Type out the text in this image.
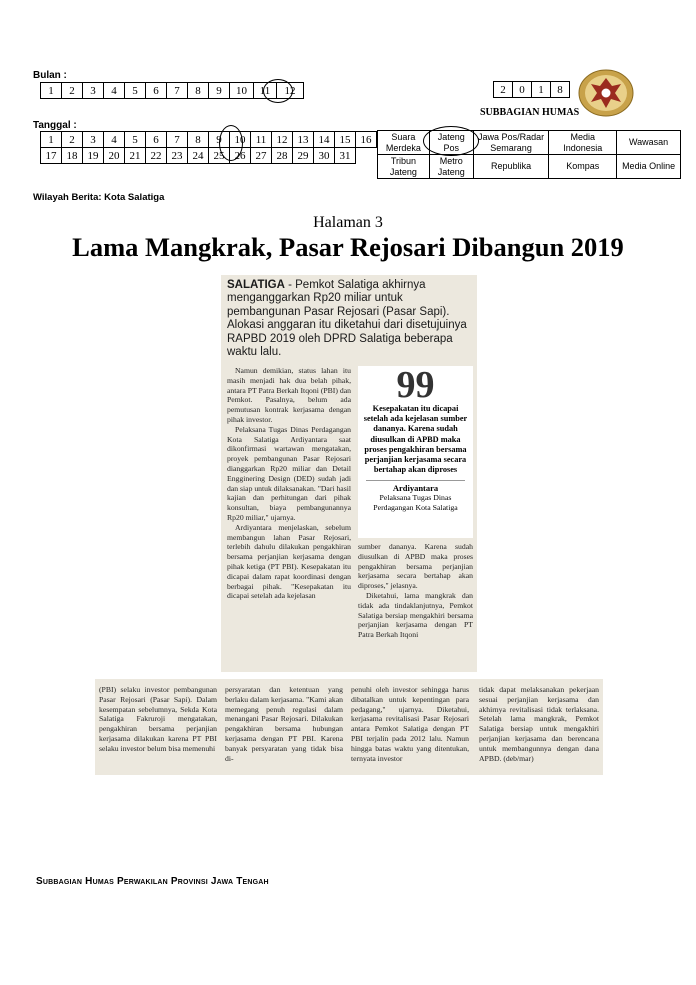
Bulan :
1	2	3	4	5	6	7	8	9	10	11	12
Tanggal :
1	2	3	4	5	6	7	8	9	10	11	12	13	14	15	16
17	18	19	20	21	22	23	24	25	26	27	28	29	30	31	
2	0	1	8
SUBBAGIAN HUMAS
Suara Merdeka	Jateng Pos	Jawa Pos/Radar Semarang	Media Indonesia	Wawasan
Tribun Jateng	Metro Jateng	Republika	Kompas	Media Online
Wilayah Berita: Kota Salatiga
Halaman 3
Lama Mangkrak, Pasar Rejosari Dibangun 2019
SALATIGA - Pemkot Salatiga akhirnya menganggarkan Rp20 miliar untuk pembangunan Pasar Rejosari (Pasar Sapi). Alokasi anggaran itu diketahui dari disetujuinya RAPBD 2019 oleh DPRD Salatiga beberapa waktu lalu.

Namun demikian, status lahan itu masih menjadi hak dua belah pihak, antara PT Patra Berkah Itqoni (PBI) dan Pemkot. Pasalnya, belum ada pemutusan kontrak kerjasama dengan pihak investor.

Pelaksana Tugas Dinas Perdagangan Kota Salatiga Ardiyantara saat dikonfirmasi wartawan mengatakan, proyek pembangunan Pasar Rejosari dianggarkan Rp20 miliar dan Detail Engginering Design (DED) sudah jadi dan siap untuk dilaksanakan. "Dari hasil kajian dan perhitungan dari pihak konsultan, biaya pembangunannya Rp20 miliar," ujarnya.

Ardiyantara menjelaskan, sebelum membangun lahan Pasar Rejosari, terlebih dahulu dilakukan pengakhiran bersama perjanjian kerjasama dengan pihak ketiga (PT PBI). Kesepakatan itu dicapai dalam rapat koordinasi dengan berbagai pihak. "Kesepakatan itu dicapai setelah ada kejelasan

99
Kesepakatan itu dicapai setelah ada kejelasan sumber dananya. Karena sudah diusulkan di APBD maka proses pengakhiran bersama perjanjian kerjasama secara bertahap akan diproses
Ardiyantara
Pelaksana Tugas Dinas Perdagangan Kota Salatiga

sumber dananya. Karena sudah diusulkan di APBD maka proses pengakhiran bersama perjanjian kerjasama secara bertahap akan diproses," jelasnya.

Diketahui, lama mangkrak dan tidak ada tindaklanjutnya, Pemkot Salatiga bersiap mengakhiri bersama perjanjian kerjasama dengan PT Patra Berkah Itqoni

(PBI) selaku investor pembangunan Pasar Rejosari (Pasar Sapi). Dalam kesempatan sebelumnya, Sekda Kota Salatiga Fakruroji mengatakan, pengakhiran bersama perjanjian kerjasama dilakukan karena PT PBI selaku investor belum bisa memenuhi

persyaratan dan ketentuan yang berlaku dalam kerjasama. "Kami akan memegang penuh regulasi dalam menangani Pasar Rejosari. Dilakukan pengakhiran bersama hubungan kerjasama dengan PT PBI. Karena banyak persyaratan yang tidak bisa di-

penuhi oleh investor sehingga harus dibatalkan untuk kepentingan para pedagang," ujarnya. Diketahui, kerjasama revitalisasi Pasar Rejosari antara Pemkot Salatiga dengan PT PBI terjalin pada 2012 lalu. Namun hingga batas waktu yang ditentukan, ternyata investor

tidak dapat melaksanakan pekerjaan sesuai perjanjian kerjasama dan akhirnya revitalisasi tidak terlaksana. Setelah lama mangkrak, Pemkot Salatiga bersiap untuk mengakhiri perjanjian kerjasama dan berencana untuk membangunnya dengan dana APBD. (deb/mar)

Subbagian Humas Perwakilan Provinsi Jawa Tengah
